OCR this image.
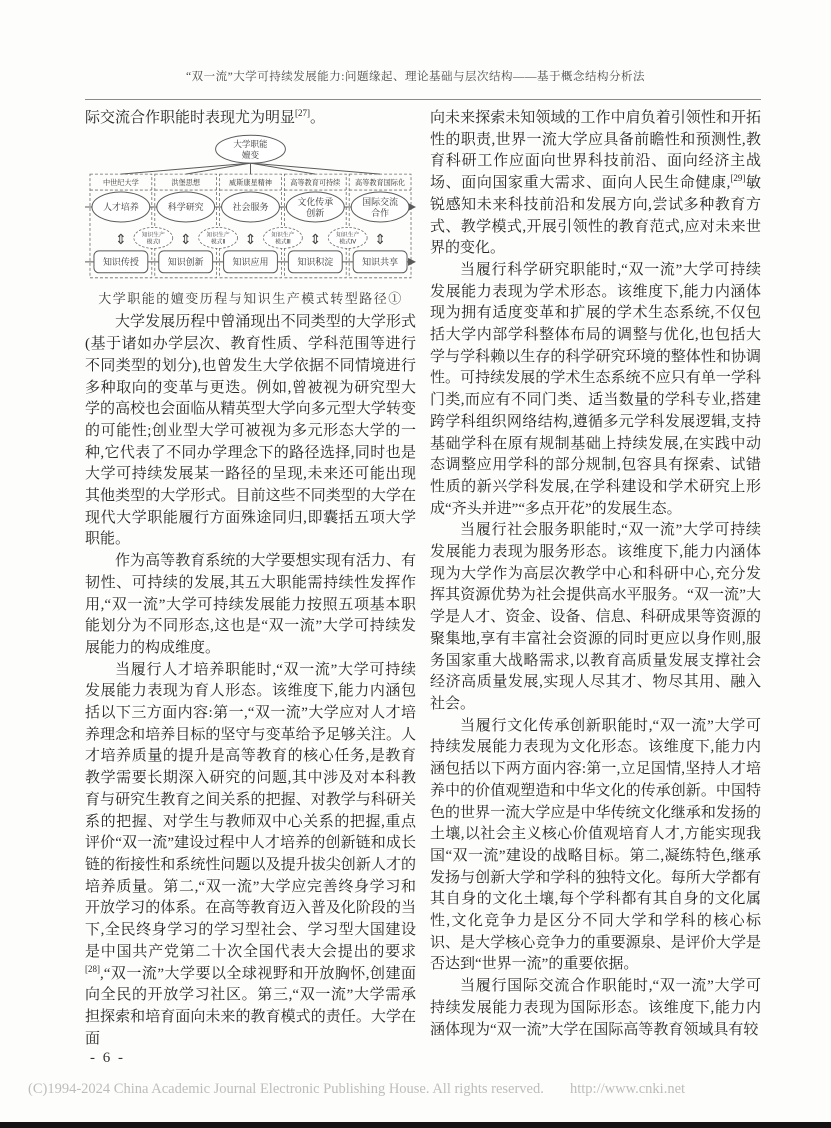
“双一流”大学可持续发展能力:问题缘起、理论基础与层次结构——基于概念结构分析法

际交流合作职能时表现尤为明显[27]。

大学职能
嬗变
中世纪大学	洪堡思想	威斯康星精神	高等教育可持续 高等教育国际化
人才培养	科学研究	社会服务	文化传承
创新
国际交流
合作
⇕	⇕	⇕	⇕	⇕
知识生产
模式Ⅰ
知识生产
模式Ⅱ
知识生产
模式Ⅲ
知识生产
模式Ⅳ
知识传授	知识创新	知识应用	知识积淀	知识共享
大学职能的嬗变历程与知识生产模式转型路径①

大学发展历程中曾涌现出不同类型的大学形式(基于诸如办学层次、教育性质、学科范围等进行不同类型的划分),也曾发生大学依据不同情境进行多种取向的变革与更迭。例如,曾被视为研究型大学的高校也会面临从精英型大学向多元型大学转变的可能性;创业型大学可被视为多元形态大学的一种,它代表了不同办学理念下的路径选择,同时也是大学可持续发展某一路径的呈现,未来还可能出现其他类型的大学形式。目前这些不同类型的大学在现代大学职能履行方面殊途同归,即囊括五项大学职能。

作为高等教育系统的大学要想实现有活力、有韧性、可持续的发展,其五大职能需持续性发挥作用,“双一流”大学可持续发展能力按照五项基本职能划分为不同形态,这也是“双一流”大学可持续发展能力的构成维度。

当履行人才培养职能时,“双一流”大学可持续发展能力表现为育人形态。该维度下,能力内涵包括以下三方面内容:第一,“双一流”大学应对人才培养理念和培养目标的坚守与变革给予足够关注。人才培养质量的提升是高等教育的核心任务,是教育教学需要长期深入研究的问题,其中涉及对本科教育与研究生教育之间关系的把握、对教学与科研关系的把握、对学生与教师双中心关系的把握,重点评价“双一流”建设过程中人才培养的创新链和成长链的衔接性和系统性问题以及提升拔尖创新人才的培养质量。第二,“双一流”大学应完善终身学习和开放学习的体系。在高等教育迈入普及化阶段的当下,全民终身学习的学习型社会、学习型大国建设是中国共产党第二十次全国代表大会提出的要求[28],“双一流”大学要以全球视野和开放胸怀,创建面向全民的开放学习社区。第三,“双一流”大学需承担探索和培育面向未来的教育模式的责任。大学在面

向未来探索未知领域的工作中肩负着引领性和开拓性的职责,世界一流大学应具备前瞻性和预测性,教育科研工作应面向世界科技前沿、面向经济主战场、面向国家重大需求、面向人民生命健康,[29]敏锐感知未来科技前沿和发展方向,尝试多种教育方式、教学模式,开展引领性的教育范式,应对未来世界的变化。

当履行科学研究职能时,“双一流”大学可持续发展能力表现为学术形态。该维度下,能力内涵体现为拥有适度变革和扩展的学术生态系统,不仅包括大学内部学科整体布局的调整与优化,也包括大学与学科赖以生存的科学研究环境的整体性和协调性。可持续发展的学术生态系统不应只有单一学科门类,而应有不同门类、适当数量的学科专业,搭建跨学科组织网络结构,遵循多元学科发展逻辑,支持基础学科在原有规制基础上持续发展,在实践中动态调整应用学科的部分规制,包容具有探索、试错性质的新兴学科发展,在学科建设和学术研究上形成“齐头并进”“多点开花”的发展生态。

当履行社会服务职能时,“双一流”大学可持续发展能力表现为服务形态。该维度下,能力内涵体现为大学作为高层次教学中心和科研中心,充分发挥其资源优势为社会提供高水平服务。“双一流”大学是人才、资金、设备、信息、科研成果等资源的聚集地,享有丰富社会资源的同时更应以身作则,服务国家重大战略需求,以教育高质量发展支撑社会经济高质量发展,实现人尽其才、物尽其用、融入社会。

当履行文化传承创新职能时,“双一流”大学可持续发展能力表现为文化形态。该维度下,能力内涵包括以下两方面内容:第一,立足国情,坚持人才培养中的价值观塑造和中华文化的传承创新。中国特色的世界一流大学应是中华传统文化继承和发扬的土壤,以社会主义核心价值观培育人才,方能实现我国“双一流”建设的战略目标。第二,凝练特色,继承发扬与创新大学和学科的独特文化。每所大学都有其自身的文化土壤,每个学科都有其自身的文化属性,文化竞争力是区分不同大学和学科的核心标识、是大学核心竞争力的重要源泉、是评价大学是否达到“世界一流”的重要依据。

当履行国际交流合作职能时,“双一流”大学可持续发展能力表现为国际形态。该维度下,能力内涵体现为“双一流”大学在国际高等教育领域具有较

- 6 -
(C)1994-2024 China Academic Journal Electronic Publishing House. All rights reserved. http://www.cnki.net
